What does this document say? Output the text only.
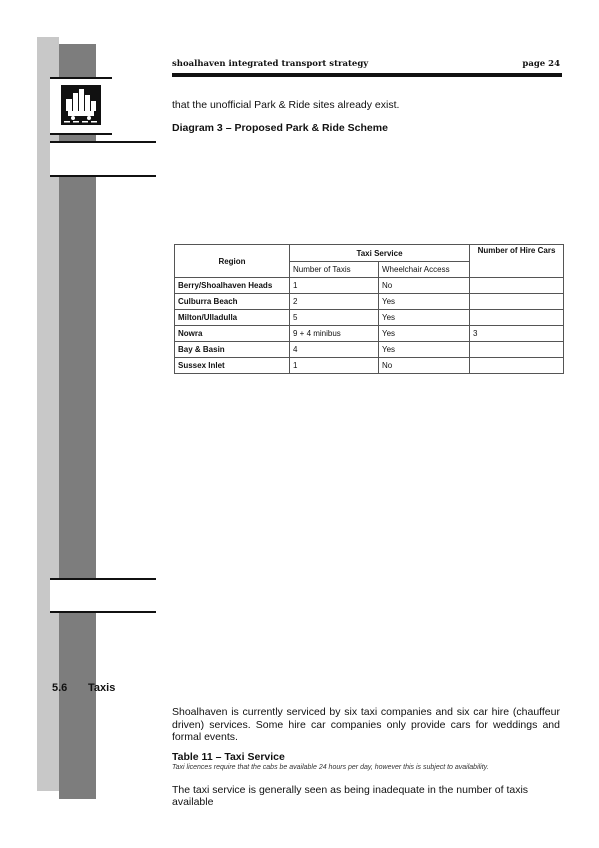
shoalhaven integrated transport strategy	page 24
that the unofficial Park & Ride sites already exist.
Diagram 3 – Proposed Park & Ride Scheme
Region	Taxi Service		Number of Hire Cars
	Number of Taxis	Wheelchair Access	
Berry/Shoalhaven Heads	1	No	
Culburra Beach	2	Yes	
Milton/Ulladulla	5	Yes	
Nowra	9 + 4 minibus	Yes	3
Bay & Basin	4	Yes	
Sussex Inlet	1	No	
5.6 Taxis

Shoalhaven is currently serviced by six taxi companies and six car hire (chauffeur driven) services. Some hire car companies only provide cars for weddings and formal events.

Table 11 – Taxi Service
Taxi licences require that the cabs be available 24 hours per day, however this is subject to availability.

The taxi service is generally seen as being inadequate in the number of taxis available
